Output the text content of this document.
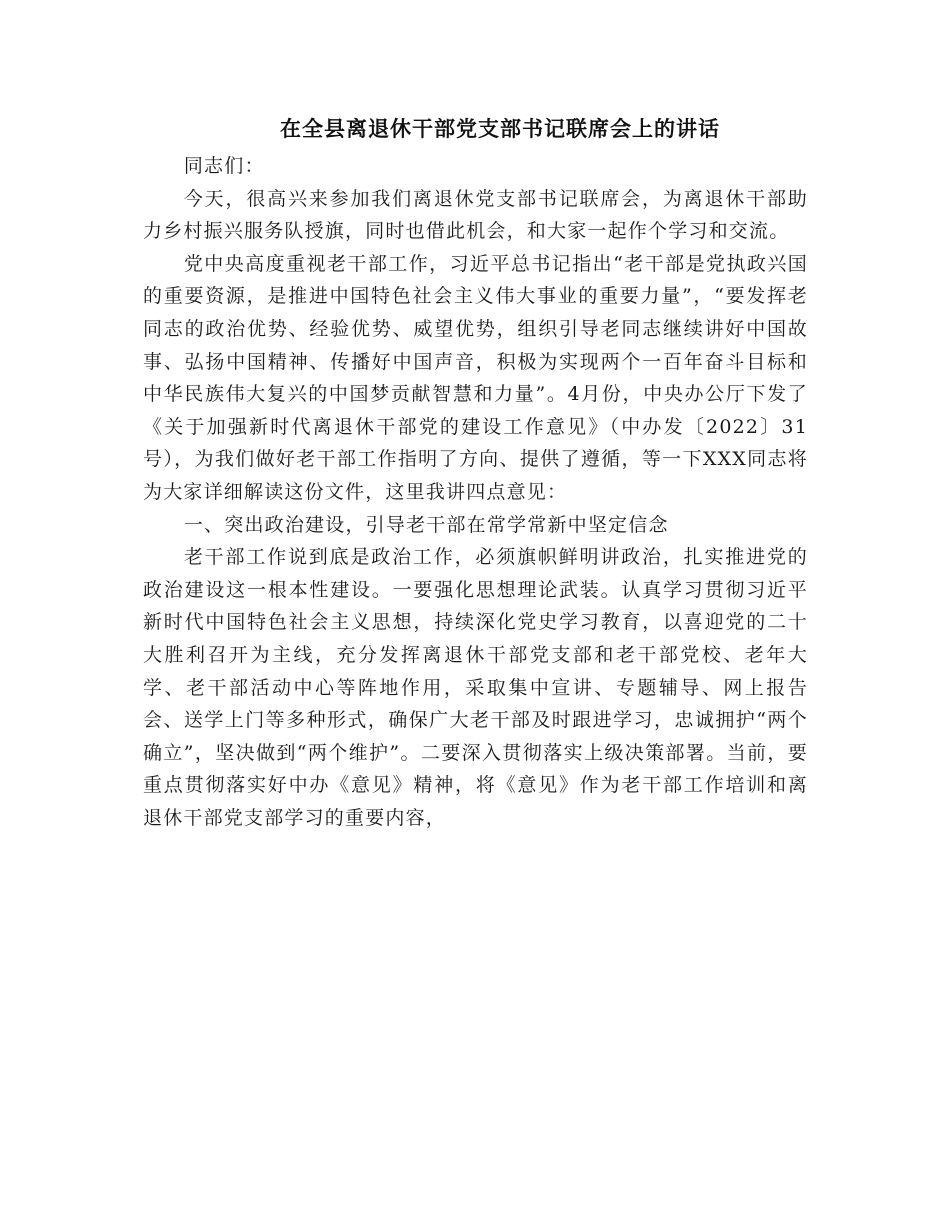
在全县离退休干部党支部书记联席会上的讲话

同志们：

今天，很高兴来参加我们离退休党支部书记联席会，为离退休干部助力乡村振兴服务队授旗，同时也借此机会，和大家一起作个学习和交流。

党中央高度重视老干部工作，习近平总书记指出“老干部是党执政兴国的重要资源，是推进中国特色社会主义伟大事业的重要力量”，“要发挥老同志的政治优势、经验优势、威望优势，组织引导老同志继续讲好中国故事、弘扬中国精神、传播好中国声音，积极为实现两个一百年奋斗目标和中华民族伟大复兴的中国梦贡献智慧和力量”。4月份，中央办公厅下发了《关于加强新时代离退休干部党的建设工作意见》（中办发〔2022〕31号），为我们做好老干部工作指明了方向、提供了遵循，等一下XXX同志将为大家详细解读这份文件，这里我讲四点意见：

一、突出政治建设，引导老干部在常学常新中坚定信念

老干部工作说到底是政治工作，必须旗帜鲜明讲政治，扎实推进党的政治建设这一根本性建设。一要强化思想理论武装。认真学习贯彻习近平新时代中国特色社会主义思想，持续深化党史学习教育，以喜迎党的二十大胜利召开为主线，充分发挥离退休干部党支部和老干部党校、老年大学、老干部活动中心等阵地作用，采取集中宣讲、专题辅导、网上报告会、送学上门等多种形式，确保广大老干部及时跟进学习，忠诚拥护“两个确立”，坚决做到“两个维护”。二要深入贯彻落实上级决策部署。当前，要重点贯彻落实好中办《意见》精神，将《意见》作为老干部工作培训和离退休干部党支部学习的重要内容，
